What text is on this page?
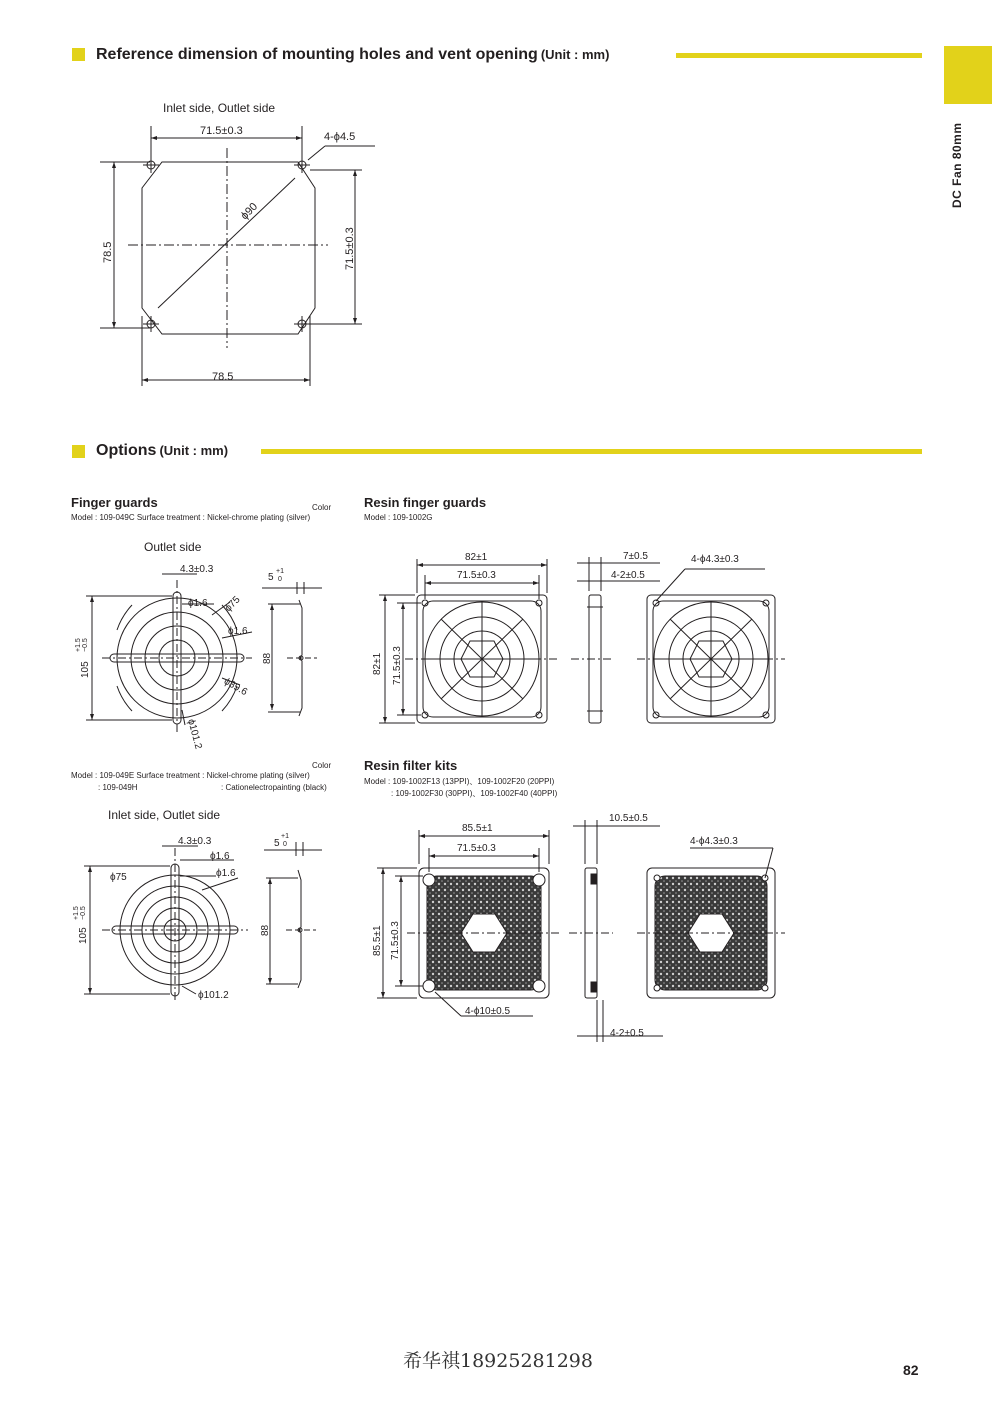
Reference dimension of mounting holes and vent opening (Unit : mm)
DC Fan 80mm
Inlet side, Outlet side
71.5±0.3	4-ϕ4.5
ϕ90
78.5	71.5±0.3
78.5
Options (Unit : mm)
Finger guards	Color
Model : 109-049C Surface treatment : Nickel-chrome plating (silver)
Outlet side
4.3±0.3
ϕ1.6 ϕ75
ϕ1.6
ϕ39.6
ϕ101.2
105
+1.5 −0.5
5
+1
0
88
Color
Model : 109-049E Surface treatment : Nickel-chrome plating (silver)
: 109-049H	: Cationelectropainting (black)
Inlet side, Outlet side
4.3±0.3
ϕ1.6
ϕ75	ϕ1.6
ϕ101.2
105
+1.5 −0.5
5
+1
0
88
Resin finger guards
Model : 109-1002G
82±1
71.5±0.3
82±1 71.5±0.3
7±0.5
4-2±0.5
4-ϕ4.3±0.3
Resin filter kits
Model : 109-1002F13 (13PPI)、109-1002F20 (20PPI)
: 109-1002F30 (30PPI)、109-1002F40 (40PPI)
85.5±1
71.5±0.3
85.5±1 71.5±0.3
10.5±0.5
4-ϕ4.3±0.3
4-ϕ10±0.5
4-2±0.5
希华祺18925281298	82
